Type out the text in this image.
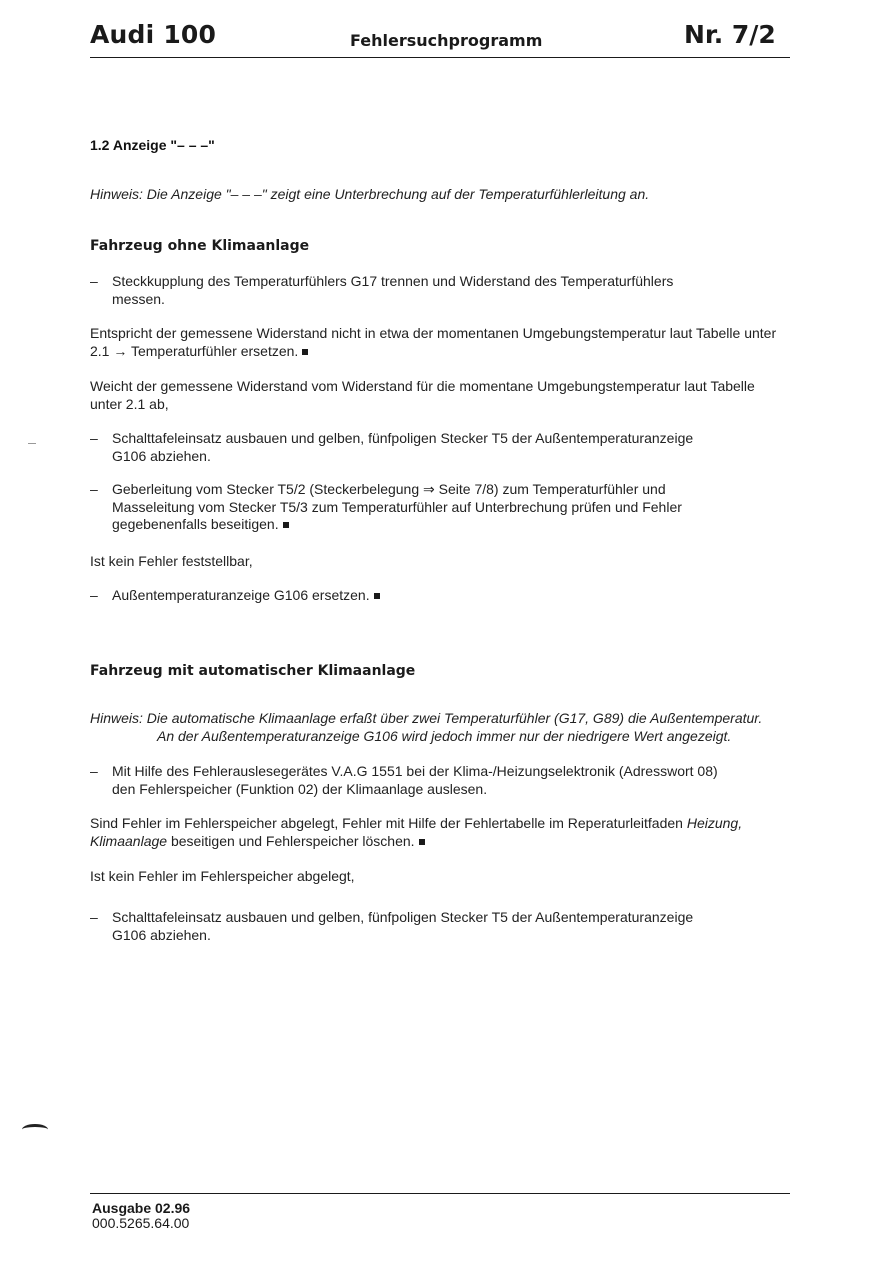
Audi 100	Fehlersuchprogramm	Nr. 7/2
1.2 Anzeige "– – –"
Hinweis: Die Anzeige "– – –" zeigt eine Unterbrechung auf der Temperaturfühlerleitung an.
Fahrzeug ohne Klimaanlage
–	Steckkupplung des Temperaturfühlers G17 trennen und Widerstand des Temperaturfühlers messen.

Entspricht der gemessene Widerstand nicht in etwa der momentanen Umgebungstemperatur laut Tabelle unter 2.1 → Temperaturfühler ersetzen.

Weicht der gemessene Widerstand vom Widerstand für die momentane Umgebungstemperatur laut Tabelle unter 2.1 ab,

–	Schalttafeleinsatz ausbauen und gelben, fünfpoligen Stecker T5 der Außentemperaturanzeige G106 abziehen.
–	Geberleitung vom Stecker T5/2 (Steckerbelegung ⇒ Seite 7/8) zum Temperaturfühler und Masseleitung vom Stecker T5/3 zum Temperaturfühler auf Unterbrechung prüfen und Fehler gegebenenfalls beseitigen.
Ist kein Fehler feststellbar,
–	Außentemperaturanzeige G106 ersetzen.
Fahrzeug mit automatischer Klimaanlage

Hinweis: Die automatische Klimaanlage erfaßt über zwei Temperaturfühler (G17, G89) die Außentemperatur.

An der Außentemperaturanzeige G106 wird jedoch immer nur der niedrigere Wert angezeigt.

–	Mit Hilfe des Fehlerauslesegerätes V.A.G 1551 bei der Klima-/Heizungselektronik (Adresswort 08) den Fehlerspeicher (Funktion 02) der Klimaanlage auslesen.

Sind Fehler im Fehlerspeicher abgelegt, Fehler mit Hilfe der Fehlertabelle im Reperaturleitfaden Heizung, Klimaanlage beseitigen und Fehlerspeicher löschen.

Ist kein Fehler im Fehlerspeicher abgelegt,
–	Schalttafeleinsatz ausbauen und gelben, fünfpoligen Stecker T5 der Außentemperaturanzeige G106 abziehen.
Ausgabe 02.96
000.5265.64.00
